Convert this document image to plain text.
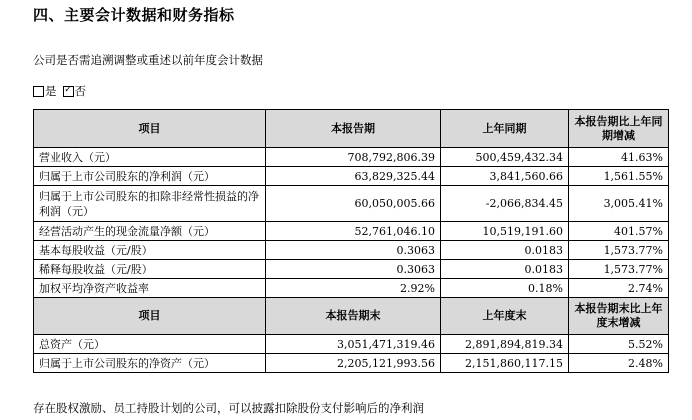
四、主要会计数据和财务指标
公司是否需追溯调整或重述以前年度会计数据
是 ✓ 否
项目	本报告期	上年同期	本报告期比上年同期增减
营业收入（元）	708,792,806.39	500,459,432.34	41.63%
归属于上市公司股东的净利润（元）	63,829,325.44	3,841,560.66	1,561.55%
归属于上市公司股东的扣除非经常性损益的净利润（元）	60,050,005.66	-2,066,834.45	3,005.41%
经营活动产生的现金流量净额（元）	52,761,046.10	10,519,191.60	401.57%
基本每股收益（元/股）	0.3063	0.0183	1,573.77%
稀释每股收益（元/股）	0.3063	0.0183	1,573.77%
加权平均净资产收益率	2.92%	0.18%	2.74%
项目	本报告期末	上年度末	本报告期末比上年度末增减
总资产（元）	3,051,471,319.46	2,891,894,819.34	5.52%
归属于上市公司股东的净资产（元）	2,205,121,993.56	2,151,860,117.15	2.48%
存在股权激励、员工持股计划的公司，可以披露扣除股份支付影响后的净利润
